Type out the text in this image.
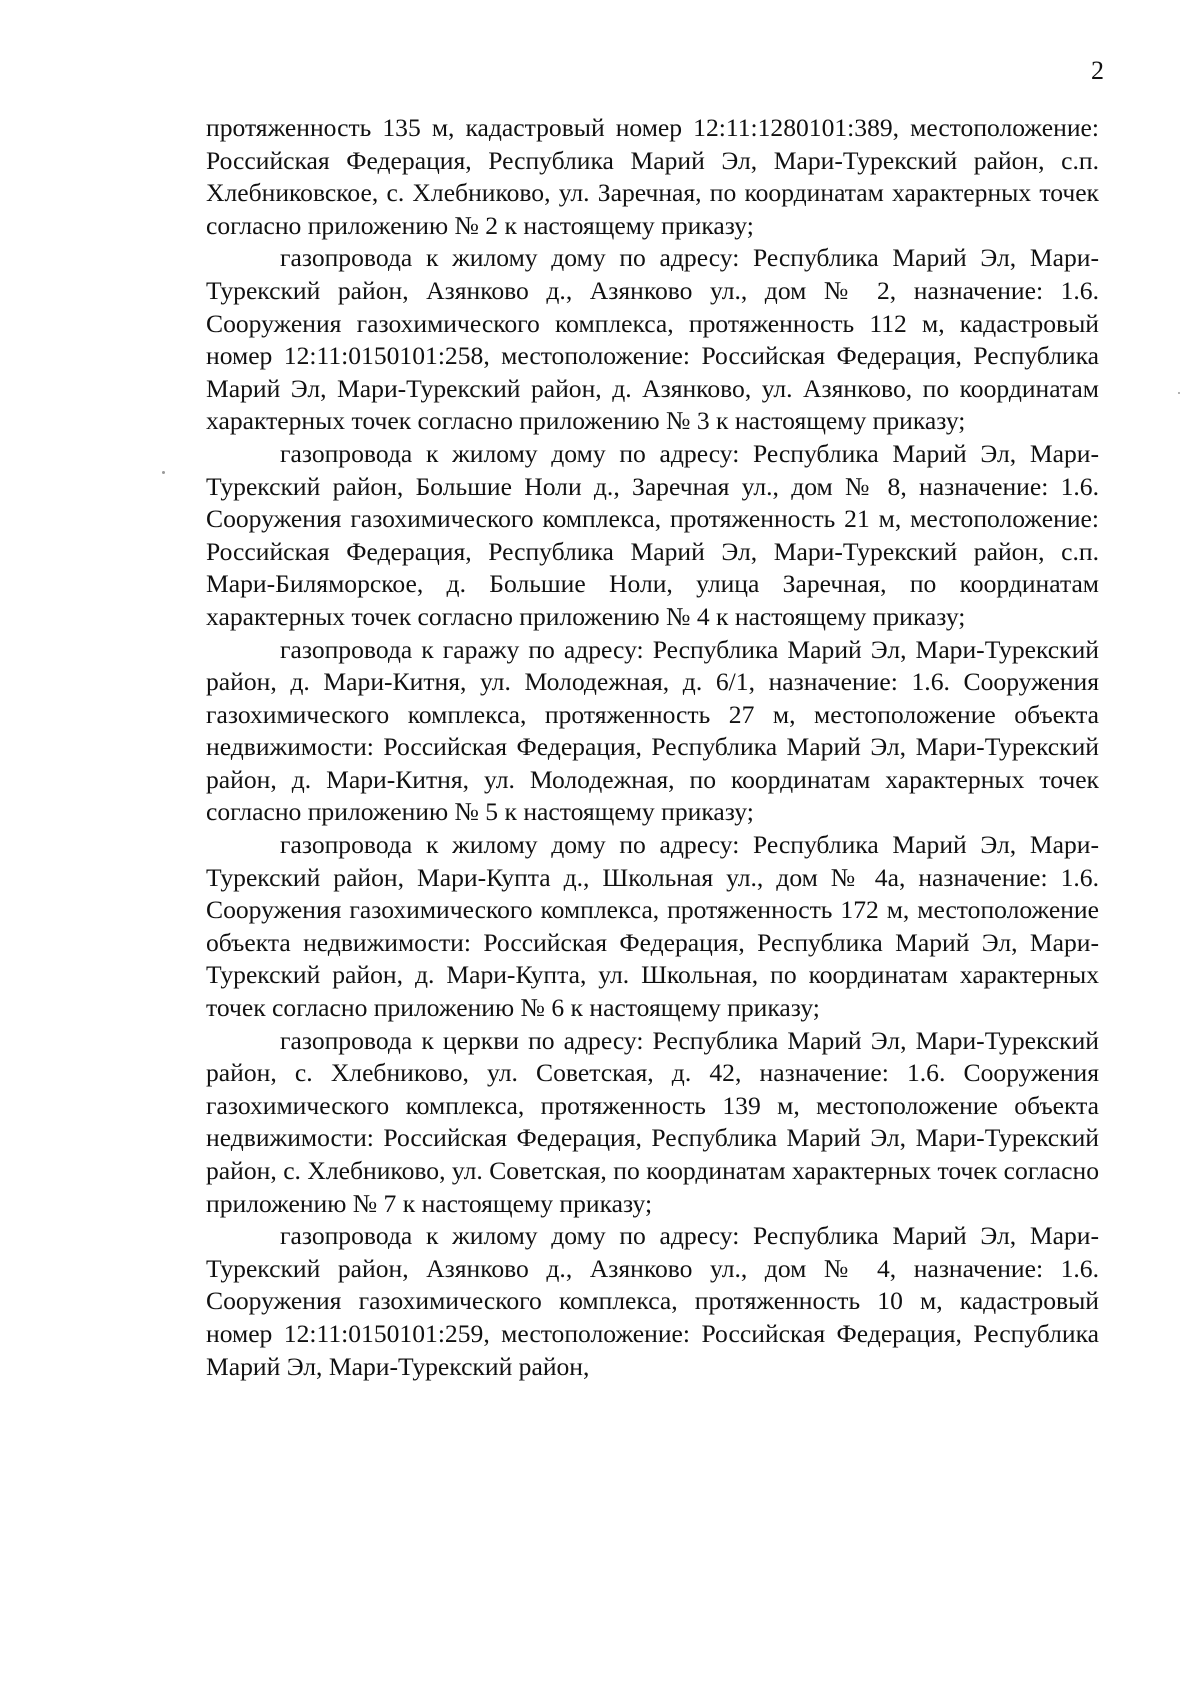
2

протяженность 135 м, кадастровый номер 12:11:1280101:389, местоположение: Российская Федерация, Республика Марий Эл, Мари-Турекский район, с.п. Хлебниковское, с. Хлебниково, ул. Заречная, по координатам характерных точек согласно приложению № 2 к настоящему приказу;

газопровода к жилому дому по адресу: Республика Марий Эл, Мари-Турекский район, Азянково д., Азянково ул., дом № 2, назначение: 1.6. Сооружения газохимического комплекса, протяженность 112 м, кадастровый номер 12:11:0150101:258, местоположение: Российская Федерация, Республика Марий Эл, Мари-Турекский район, д. Азянково, ул. Азянково, по координатам характерных точек согласно приложению № 3 к настоящему приказу;

газопровода к жилому дому по адресу: Республика Марий Эл, Мари-Турекский район, Большие Ноли д., Заречная ул., дом № 8, назначение: 1.6. Сооружения газохимического комплекса, протяженность 21 м, местоположение: Российская Федерация, Республика Марий Эл, Мари-Турекский район, с.п. Мари-Биляморское, д. Большие Ноли, улица Заречная, по координатам характерных точек согласно приложению № 4 к настоящему приказу;

газопровода к гаражу по адресу: Республика Марий Эл, Мари-Турекский район, д. Мари-Китня, ул. Молодежная, д. 6/1, назначение: 1.6. Сооружения газохимического комплекса, протяженность 27 м, местоположение объекта недвижимости: Российская Федерация, Республика Марий Эл, Мари-Турекский район, д. Мари-Китня, ул. Молодежная, по координатам характерных точек согласно приложению № 5 к настоящему приказу;

газопровода к жилому дому по адресу: Республика Марий Эл, Мари-Турекский район, Мари-Купта д., Школьная ул., дом № 4а, назначение: 1.6. Сооружения газохимического комплекса, протяженность 172 м, местоположение объекта недвижимости: Российская Федерация, Республика Марий Эл, Мари-Турекский район, д. Мари-Купта, ул. Школьная, по координатам характерных точек согласно приложению № 6 к настоящему приказу;

газопровода к церкви по адресу: Республика Марий Эл, Мари-Турекский район, с. Хлебниково, ул. Советская, д. 42, назначение: 1.6. Сооружения газохимического комплекса, протяженность 139 м, местоположение объекта недвижимости: Российская Федерация, Республика Марий Эл, Мари-Турекский район, с. Хлебниково, ул. Советская, по координатам характерных точек согласно приложению № 7 к настоящему приказу;

газопровода к жилому дому по адресу: Республика Марий Эл, Мари-Турекский район, Азянково д., Азянково ул., дом № 4, назначение: 1.6. Сооружения газохимического комплекса, протяженность 10 м, кадастровый номер 12:11:0150101:259, местоположение: Российская Федерация, Республика Марий Эл, Мари-Турекский район,
